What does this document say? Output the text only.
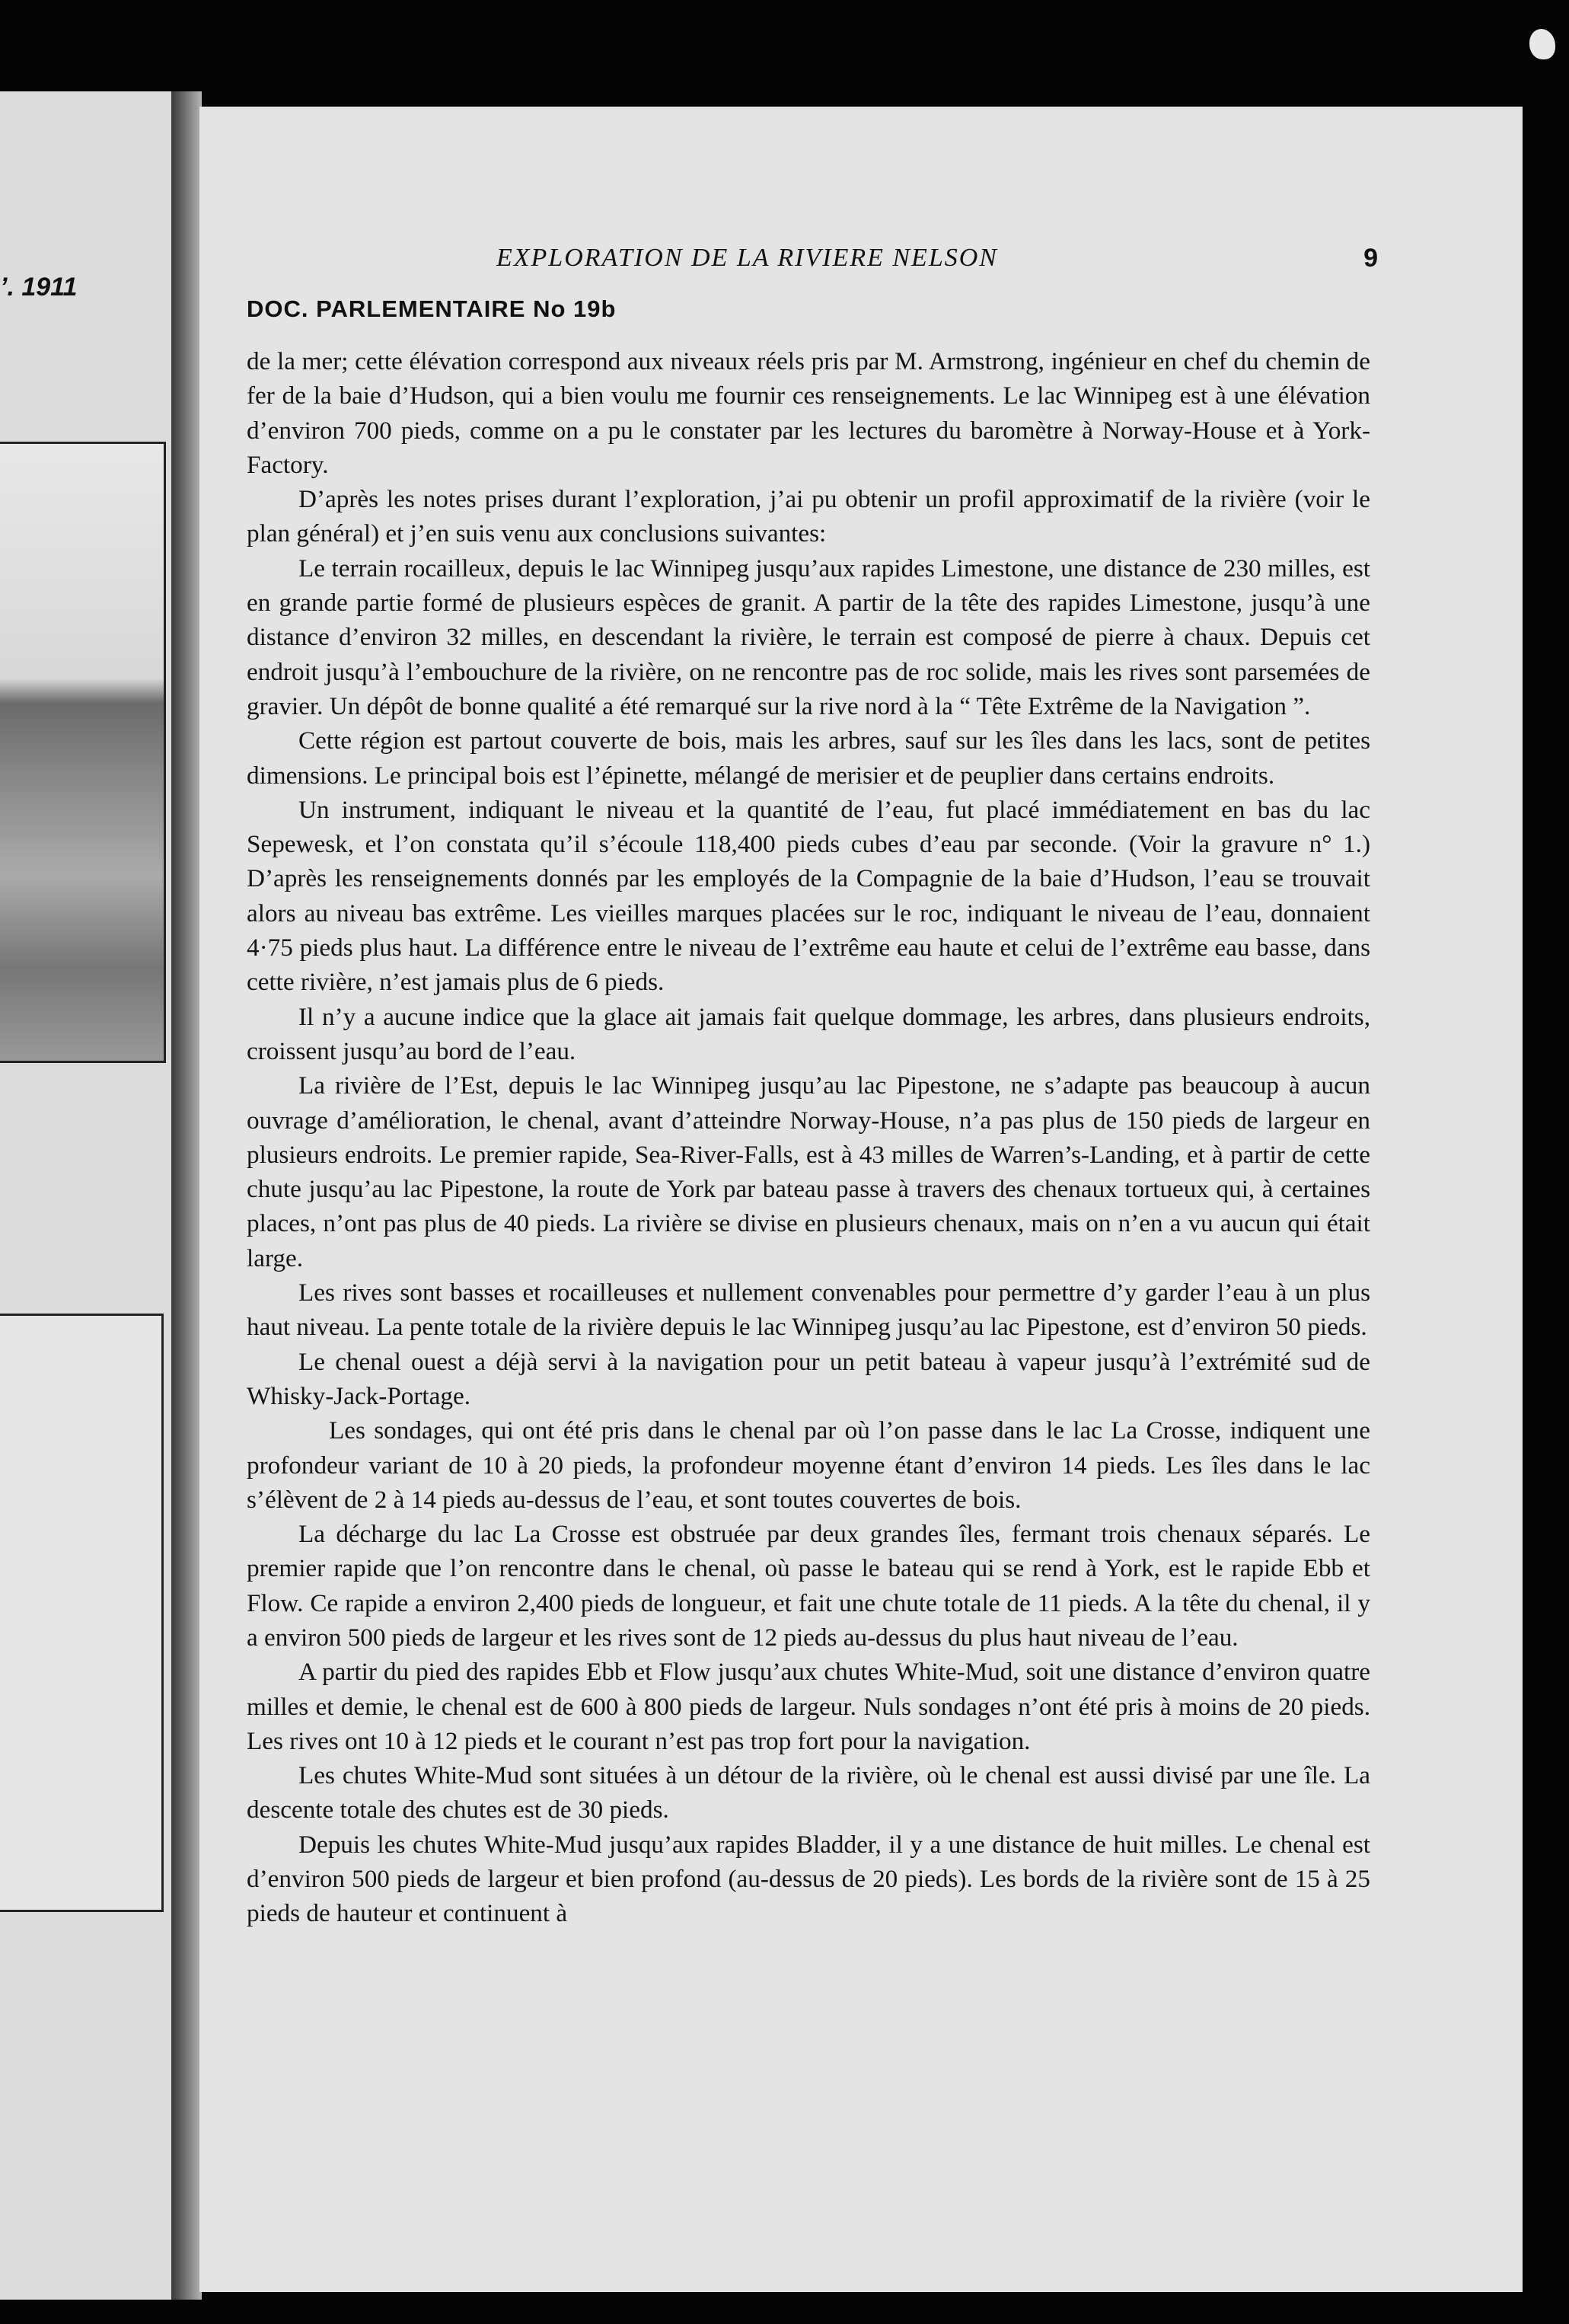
’. 1911
EXPLORATION DE LA RIVIERE NELSON	9
DOC. PARLEMENTAIRE No 19b

de la mer; cette élévation correspond aux niveaux réels pris par M. Armstrong, ingénieur en chef du chemin de fer de la baie d’Hudson, qui a bien voulu me fournir ces renseignements. Le lac Winnipeg est à une élévation d’environ 700 pieds, comme on a pu le constater par les lectures du baromètre à Norway-House et à York-Factory.

D’après les notes prises durant l’exploration, j’ai pu obtenir un profil approximatif de la rivière (voir le plan général) et j’en suis venu aux conclusions suivantes:

Le terrain rocailleux, depuis le lac Winnipeg jusqu’aux rapides Limestone, une distance de 230 milles, est en grande partie formé de plusieurs espèces de granit. A partir de la tête des rapides Limestone, jusqu’à une distance d’environ 32 milles, en descendant la rivière, le terrain est composé de pierre à chaux. Depuis cet endroit jusqu’à l’embouchure de la rivière, on ne rencontre pas de roc solide, mais les rives sont parsemées de gravier. Un dépôt de bonne qualité a été remarqué sur la rive nord à la “ Tête Extrême de la Navigation ”.

Cette région est partout couverte de bois, mais les arbres, sauf sur les îles dans les lacs, sont de petites dimensions. Le principal bois est l’épinette, mélangé de merisier et de peuplier dans certains endroits.

Un instrument, indiquant le niveau et la quantité de l’eau, fut placé immédiatement en bas du lac Sepewesk, et l’on constata qu’il s’écoule 118,400 pieds cubes d’eau par seconde. (Voir la gravure n° 1.) D’après les renseignements donnés par les employés de la Compagnie de la baie d’Hudson, l’eau se trouvait alors au niveau bas extrême. Les vieilles marques placées sur le roc, indiquant le niveau de l’eau, donnaient 4·75 pieds plus haut. La différence entre le niveau de l’extrême eau haute et celui de l’extrême eau basse, dans cette rivière, n’est jamais plus de 6 pieds.

Il n’y a aucune indice que la glace ait jamais fait quelque dommage, les arbres, dans plusieurs endroits, croissent jusqu’au bord de l’eau.

La rivière de l’Est, depuis le lac Winnipeg jusqu’au lac Pipestone, ne s’adapte pas beaucoup à aucun ouvrage d’amélioration, le chenal, avant d’atteindre Norway-House, n’a pas plus de 150 pieds de largeur en plusieurs endroits. Le premier rapide, Sea-River-Falls, est à 43 milles de Warren’s-Landing, et à partir de cette chute jusqu’au lac Pipestone, la route de York par bateau passe à travers des chenaux tortueux qui, à certaines places, n’ont pas plus de 40 pieds. La rivière se divise en plusieurs chenaux, mais on n’en a vu aucun qui était large.

Les rives sont basses et rocailleuses et nullement convenables pour permettre d’y garder l’eau à un plus haut niveau. La pente totale de la rivière depuis le lac Winnipeg jusqu’au lac Pipestone, est d’environ 50 pieds.

Le chenal ouest a déjà servi à la navigation pour un petit bateau à vapeur jusqu’à l’extrémité sud de Whisky-Jack-Portage.

Les sondages, qui ont été pris dans le chenal par où l’on passe dans le lac La Crosse, indiquent une profondeur variant de 10 à 20 pieds, la profondeur moyenne étant d’environ 14 pieds. Les îles dans le lac s’élèvent de 2 à 14 pieds au-dessus de l’eau, et sont toutes couvertes de bois.

La décharge du lac La Crosse est obstruée par deux grandes îles, fermant trois chenaux séparés. Le premier rapide que l’on rencontre dans le chenal, où passe le bateau qui se rend à York, est le rapide Ebb et Flow. Ce rapide a environ 2,400 pieds de longueur, et fait une chute totale de 11 pieds. A la tête du chenal, il y a environ 500 pieds de largeur et les rives sont de 12 pieds au-dessus du plus haut niveau de l’eau.

A partir du pied des rapides Ebb et Flow jusqu’aux chutes White-Mud, soit une distance d’environ quatre milles et demie, le chenal est de 600 à 800 pieds de largeur. Nuls sondages n’ont été pris à moins de 20 pieds. Les rives ont 10 à 12 pieds et le courant n’est pas trop fort pour la navigation.

Les chutes White-Mud sont situées à un détour de la rivière, où le chenal est aussi divisé par une île. La descente totale des chutes est de 30 pieds.

Depuis les chutes White-Mud jusqu’aux rapides Bladder, il y a une distance de huit milles. Le chenal est d’environ 500 pieds de largeur et bien profond (au-dessus de 20 pieds). Les bords de la rivière sont de 15 à 25 pieds de hauteur et continuent à
